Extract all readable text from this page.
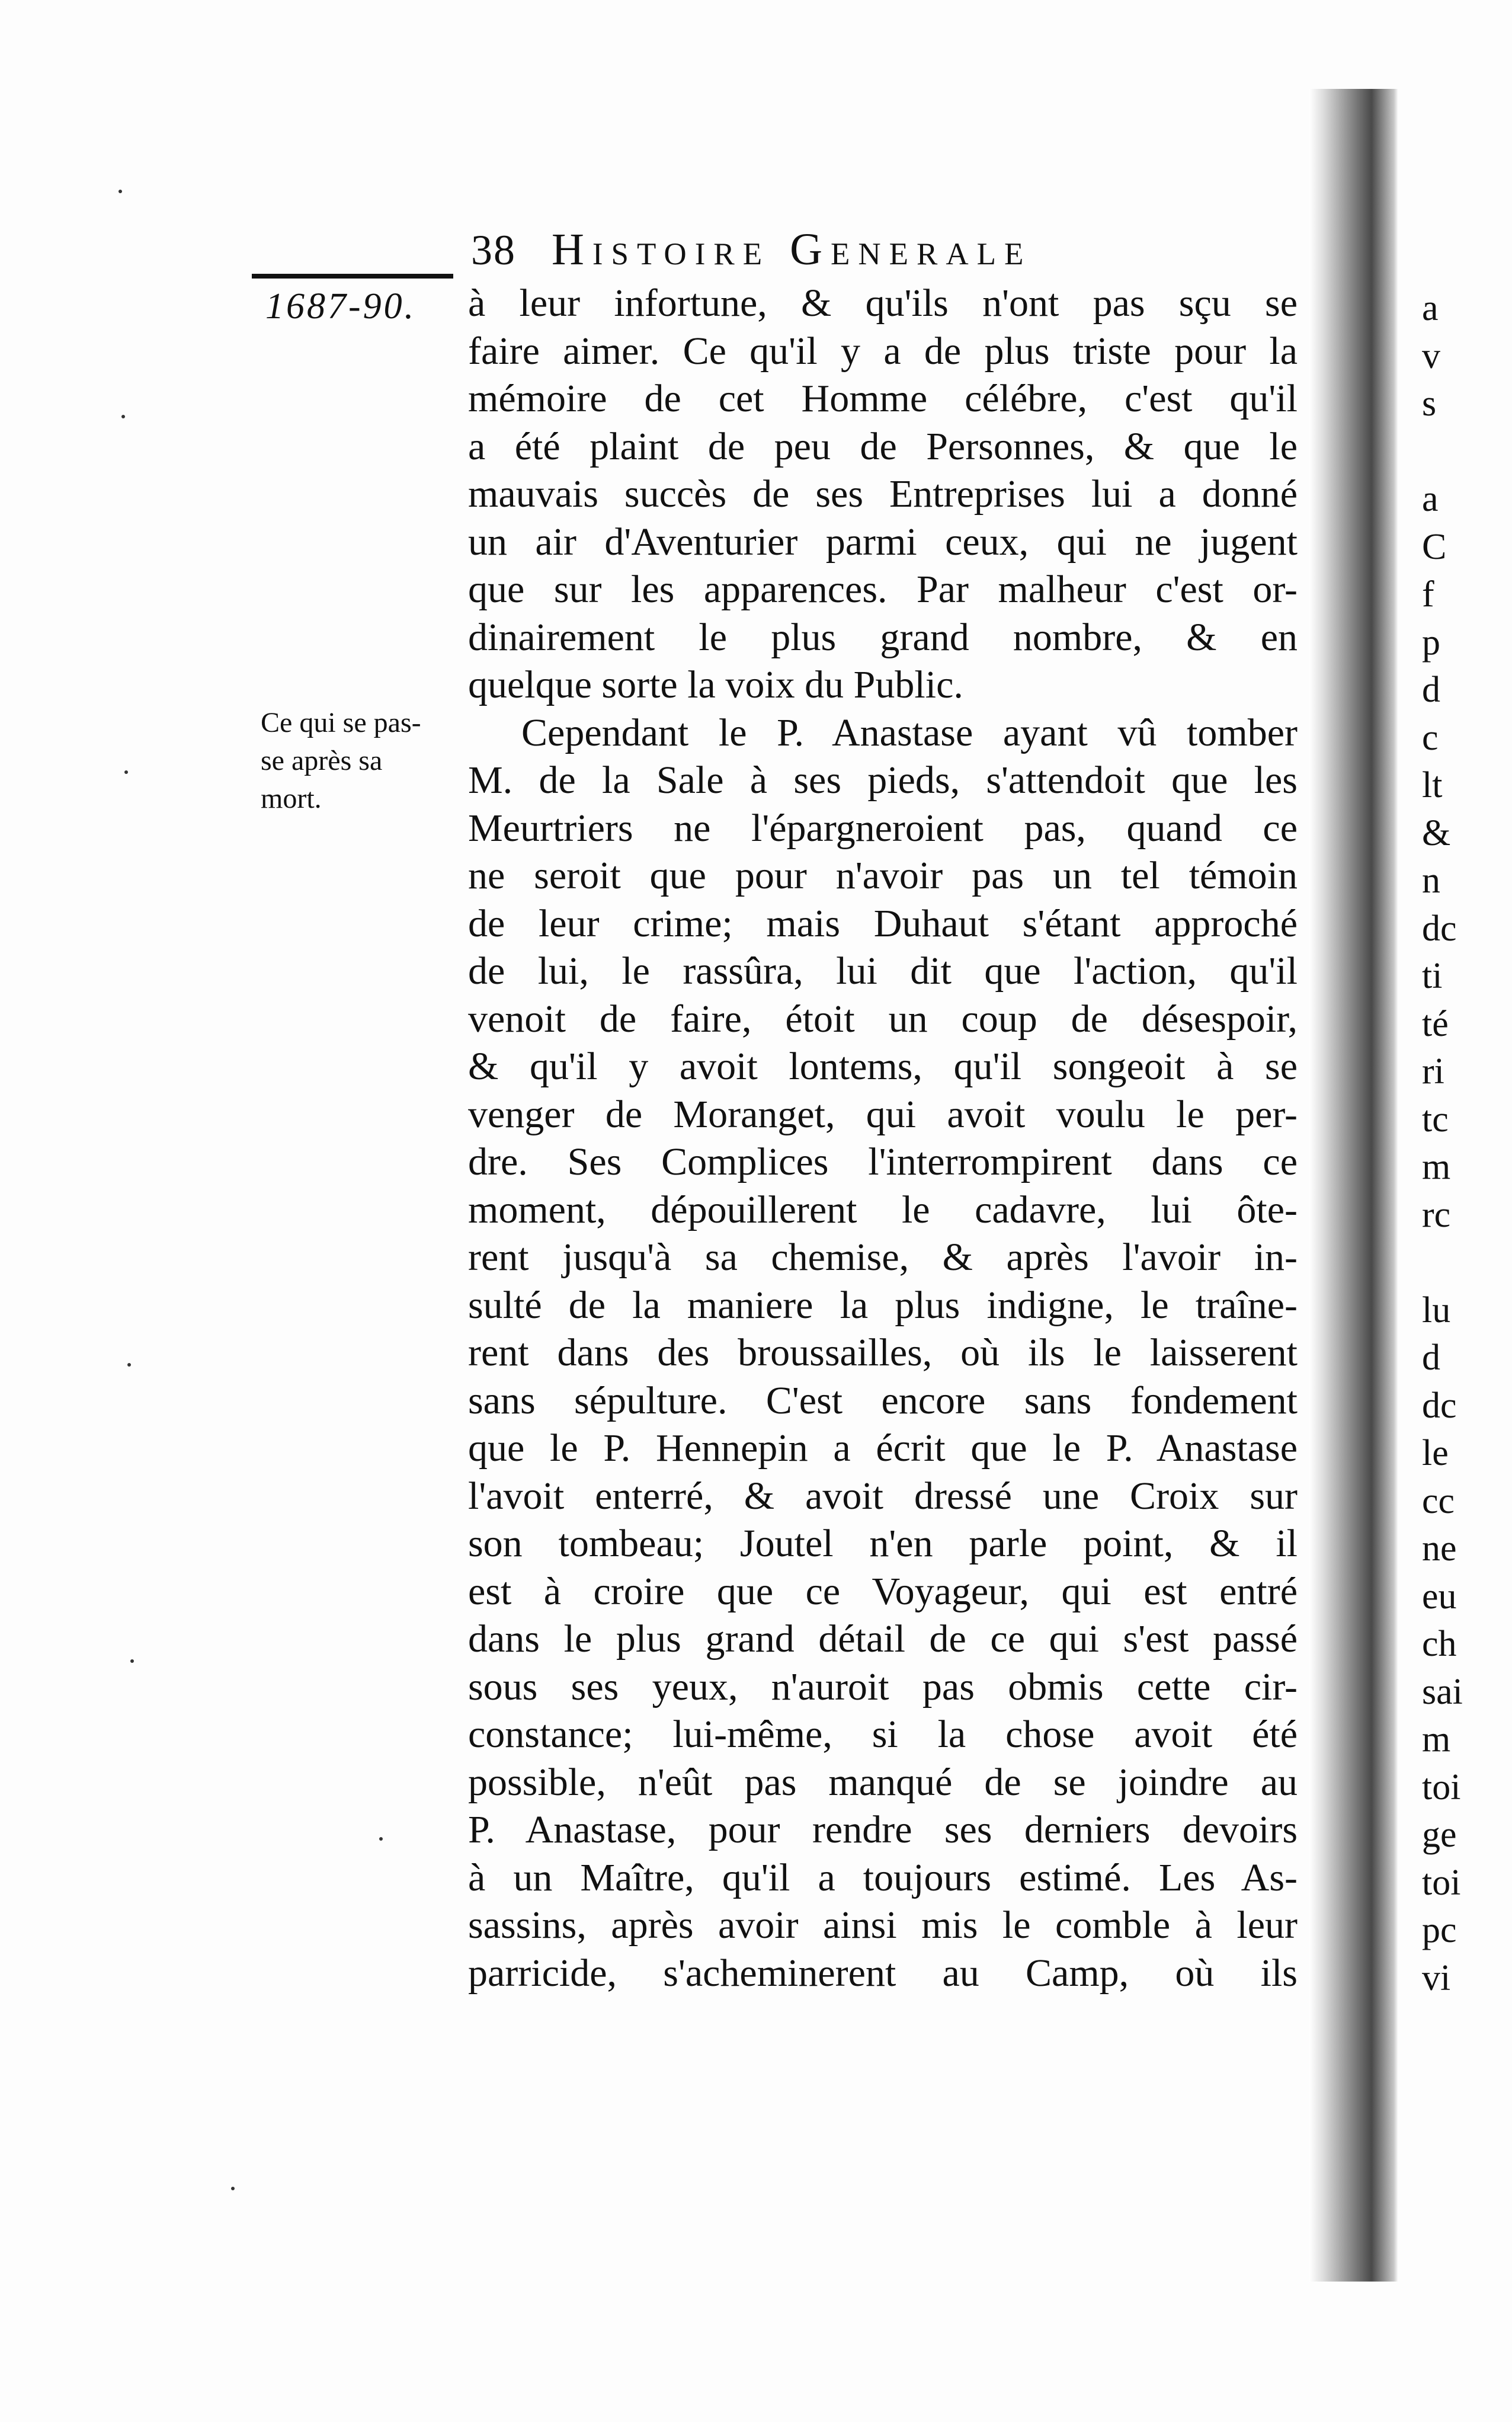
38 Histoire Generale
1687-90.
Ce qui se pas-
se après sa
mort.
à leur infortune, & qu'ils n'ont pas sçu se
faire aimer. Ce qu'il y a de plus triste pour la
mémoire de cet Homme célébre, c'est qu'il
a été plaint de peu de Personnes, & que le
mauvais succès de ses Entreprises lui a donné
un air d'Aventurier parmi ceux, qui ne jugent
que sur les apparences. Par malheur c'est or-
dinairement le plus grand nombre, & en
quelque sorte la voix du Public.
Cependant le P. Anastase ayant vû tomber
M. de la Sale à ses pieds, s'attendoit que les
Meurtriers ne l'épargneroient pas, quand ce
ne seroit que pour n'avoir pas un tel témoin
de leur crime; mais Duhaut s'étant approché
de lui, le rassûra, lui dit que l'action, qu'il
venoit de faire, étoit un coup de désespoir,
& qu'il y avoit lontems, qu'il songeoit à se
venger de Moranget, qui avoit voulu le per-
dre. Ses Complices l'interrompirent dans ce
moment, dépouillerent le cadavre, lui ôte-
rent jusqu'à sa chemise, & après l'avoir in-
sulté de la maniere la plus indigne, le traîne-
rent dans des broussailles, où ils le laisserent
sans sépulture. C'est encore sans fondement
que le P. Hennepin a écrit que le P. Anastase
l'avoit enterré, & avoit dressé une Croix sur
son tombeau; Joutel n'en parle point, & il
est à croire que ce Voyageur, qui est entré
dans le plus grand détail de ce qui s'est passé
sous ses yeux, n'auroit pas obmis cette cir-
constance; lui-même, si la chose avoit été
possible, n'eût pas manqué de se joindre au
P. Anastase, pour rendre ses derniers devoirs
à un Maître, qu'il a toujours estimé. Les As-
sassins, après avoir ainsi mis le comble à leur
parricide, s'acheminerent au Camp, où ils
a
v
s
a
C
f
p
d
c
lt
&
n
dc
ti
té
ri
tc
m
rc
lu
d
dc
le
cc
ne
eu
ch
sai
m
toi
ge
toi
pc
vi
